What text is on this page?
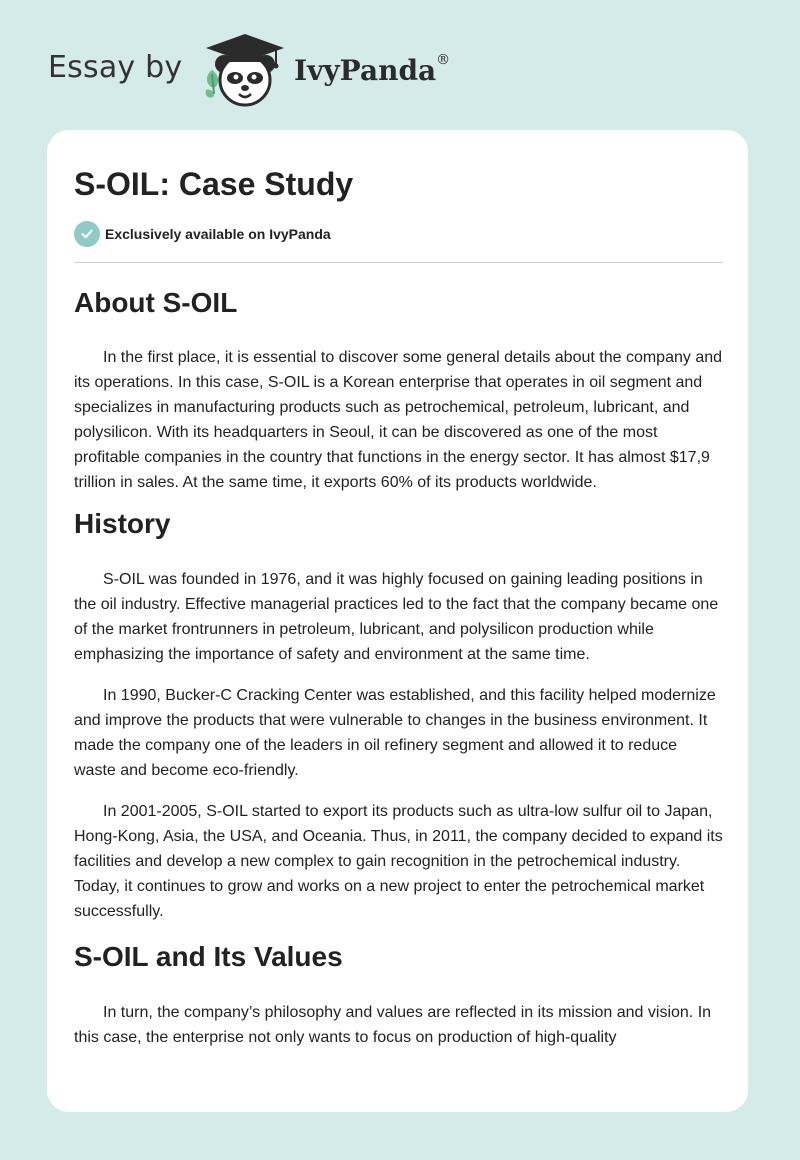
Essay by	IvyPanda®
S-OIL: Case Study
Exclusively available on IvyPanda
About S-OIL

In the first place, it is essential to discover some general details about the company and its operations. In this case, S-OIL is a Korean enterprise that operates in oil segment and specializes in manufacturing products such as petrochemical, petroleum, lubricant, and polysilicon. With its headquarters in Seoul, it can be discovered as one of the most profitable companies in the country that functions in the energy sector. It has almost $17,9 trillion in sales. At the same time, it exports 60% of its products worldwide.

History

S-OIL was founded in 1976, and it was highly focused on gaining leading positions in the oil industry. Effective managerial practices led to the fact that the company became one of the market frontrunners in petroleum, lubricant, and polysilicon production while emphasizing the importance of safety and environment at the same time.

In 1990, Bucker-C Cracking Center was established, and this facility helped modernize and improve the products that were vulnerable to changes in the business environment. It made the company one of the leaders in oil refinery segment and allowed it to reduce waste and become eco-friendly.

In 2001-2005, S-OIL started to export its products such as ultra-low sulfur oil to Japan, Hong-Kong, Asia, the USA, and Oceania. Thus, in 2011, the company decided to expand its facilities and develop a new complex to gain recognition in the petrochemical industry. Today, it continues to grow and works on a new project to enter the petrochemical market successfully.

S-OIL and Its Values

In turn, the company’s philosophy and values are reflected in its mission and vision. In this case, the enterprise not only wants to focus on production of high-quality
